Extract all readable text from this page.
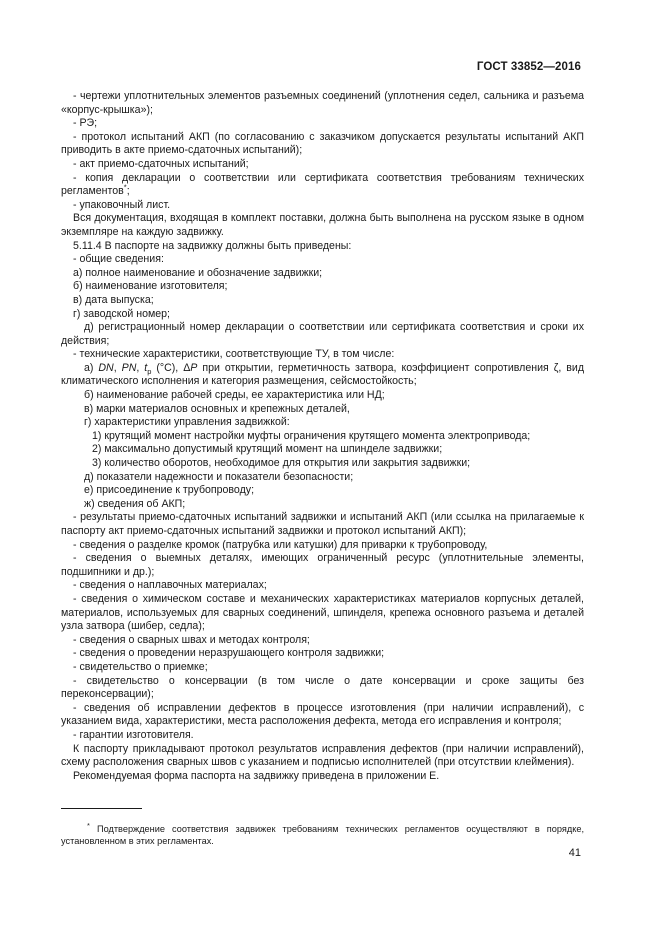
ГОСТ 33852—2016

- чертежи уплотнительных элементов разъемных соединений (уплотнения седел, сальника и разъема «корпус-крышка»);

- РЭ;

- протокол испытаний АКП (по согласованию с заказчиком допускается результаты испытаний АКП приводить в акте приемо-сдаточных испытаний);

- акт приемо-сдаточных испытаний;

- копия декларации о соответствии или сертификата соответствия требованиям технических регламентов*;

- упаковочный лист.

Вся документация, входящая в комплект поставки, должна быть выполнена на русском языке в одном экземпляре на каждую задвижку.

5.11.4 В паспорте на задвижку должны быть приведены:

- общие сведения:

а) полное наименование и обозначение задвижки;

б) наименование изготовителя;

в) дата выпуска;

г) заводской номер;

д) регистрационный номер декларации о соответствии или сертификата соответствия и сроки их действия;

- технические характеристики, соответствующие ТУ, в том числе:

а) DN, PN, $t_р$ (°С), ΔP при открытии, герметичность затвора, коэффициент сопротивления ζ, вид климатического исполнения и категория размещения, сейсмостойкость;

б) наименование рабочей среды, ее характеристика или НД;

в) марки материалов основных и крепежных деталей,

г) характеристики управления задвижкой:

1) крутящий момент настройки муфты ограничения крутящего момента электропривода;

2) максимально допустимый крутящий момент на шпинделе задвижки;

3) количество оборотов, необходимое для открытия или закрытия задвижки;

д) показатели надежности и показатели безопасности;

е) присоединение к трубопроводу;

ж) сведения об АКП;

- результаты приемо-сдаточных испытаний задвижки и испытаний АКП (или ссылка на прилагаемые к паспорту акт приемо-сдаточных испытаний задвижки и протокол испытаний АКП);

- сведения о разделке кромок (патрубка или катушки) для приварки к трубопроводу,

- сведения о выемных деталях, имеющих ограниченный ресурс (уплотнительные элементы, подшипники и др.);

- сведения о наплавочных материалах;

- сведения о химическом составе и механических характеристиках материалов корпусных деталей, материалов, используемых для сварных соединений, шпинделя, крепежа основного разъема и деталей узла затвора (шибер, седла);

- сведения о сварных швах и методах контроля;

- сведения о проведении неразрушающего контроля задвижки;

- свидетельство о приемке;

- свидетельство о консервации (в том числе о дате консервации и сроке защиты без переконсервации);

- сведения об исправлении дефектов в процессе изготовления (при наличии исправлений), с указанием вида, характеристики, места расположения дефекта, метода его исправления и контроля;

- гарантии изготовителя.

К паспорту прикладывают протокол результатов исправления дефектов (при наличии исправлений), схему расположения сварных швов с указанием и подписью исполнителей (при отсутствии клеймения).

Рекомендуемая форма паспорта на задвижку приведена в приложении Е.

* Подтверждение соответствия задвижек требованиям технических регламентов осуществляют в порядке, установленном в этих регламентах.

41
